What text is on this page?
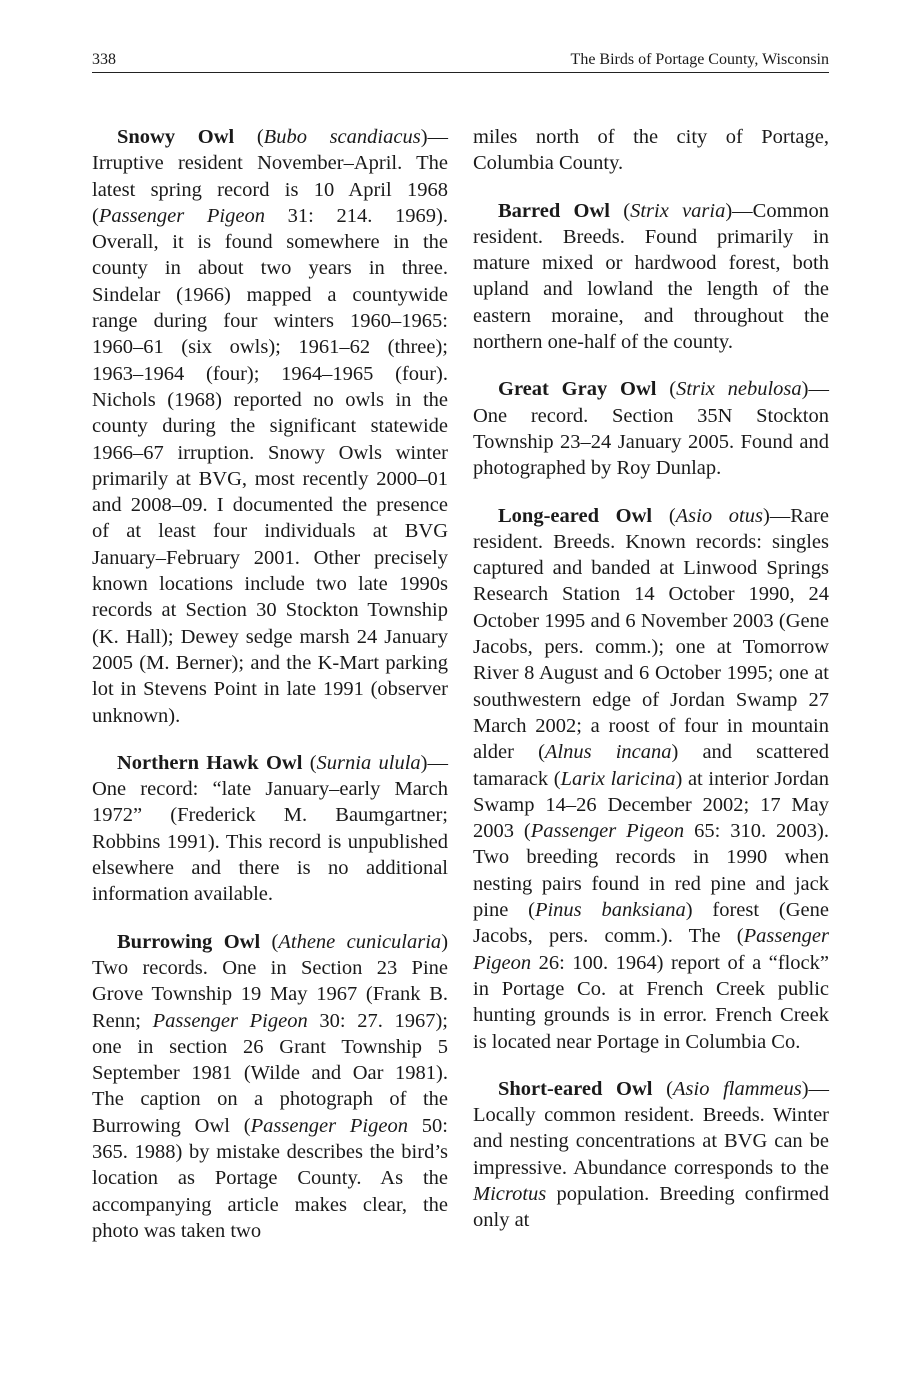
338	The Birds of Portage County, Wisconsin

Snowy Owl (Bubo scandiacus)—Irruptive resident November–April. The latest spring record is 10 April 1968 (Passenger Pigeon 31: 214. 1969). Overall, it is found somewhere in the county in about two years in three. Sindelar (1966) mapped a countywide range during four winters 1960–1965: 1960–61 (six owls); 1961–62 (three); 1963–1964 (four); 1964–1965 (four). Nichols (1968) reported no owls in the county during the significant statewide 1966–67 irruption. Snowy Owls winter primarily at BVG, most recently 2000–01 and 2008–09. I documented the presence of at least four individuals at BVG January–February 2001. Other precisely known locations include two late 1990s records at Section 30 Stockton Township (K. Hall); Dewey sedge marsh 24 January 2005 (M. Berner); and the K-Mart parking lot in Stevens Point in late 1991 (observer unknown).

Northern Hawk Owl (Surnia ulula)—One record: “late January–early March 1972” (Frederick M. Baumgartner; Robbins 1991). This record is unpublished elsewhere and there is no additional information available.

Burrowing Owl (Athene cunicularia) Two records. One in Section 23 Pine Grove Township 19 May 1967 (Frank B. Renn; Passenger Pigeon 30: 27. 1967); one in section 26 Grant Township 5 September 1981 (Wilde and Oar 1981). The caption on a photograph of the Burrowing Owl (Passenger Pigeon 50: 365. 1988) by mistake describes the bird’s location as Portage County. As the accompanying article makes clear, the photo was taken two

miles north of the city of Portage, Columbia County.

Barred Owl (Strix varia)—Common resident. Breeds. Found primarily in mature mixed or hardwood forest, both upland and lowland the length of the eastern moraine, and throughout the northern one-half of the county.

Great Gray Owl (Strix nebulosa)—One record. Section 35N Stockton Township 23–24 January 2005. Found and photographed by Roy Dunlap.

Long-eared Owl (Asio otus)—Rare resident. Breeds. Known records: singles captured and banded at Linwood Springs Research Station 14 October 1990, 24 October 1995 and 6 November 2003 (Gene Jacobs, pers. comm.); one at Tomorrow River 8 August and 6 October 1995; one at southwestern edge of Jordan Swamp 27 March 2002; a roost of four in mountain alder (Alnus incana) and scattered tamarack (Larix laricina) at interior Jordan Swamp 14–26 December 2002; 17 May 2003 (Passenger Pigeon 65: 310. 2003). Two breeding records in 1990 when nesting pairs found in red pine and jack pine (Pinus banksiana) forest (Gene Jacobs, pers. comm.). The (Passenger Pigeon 26: 100. 1964) report of a “flock” in Portage Co. at French Creek public hunting grounds is in error. French Creek is located near Portage in Columbia Co.

Short-eared Owl (Asio flammeus)—Locally common resident. Breeds. Winter and nesting concentrations at BVG can be impressive. Abundance corresponds to the Microtus population. Breeding confirmed only at
